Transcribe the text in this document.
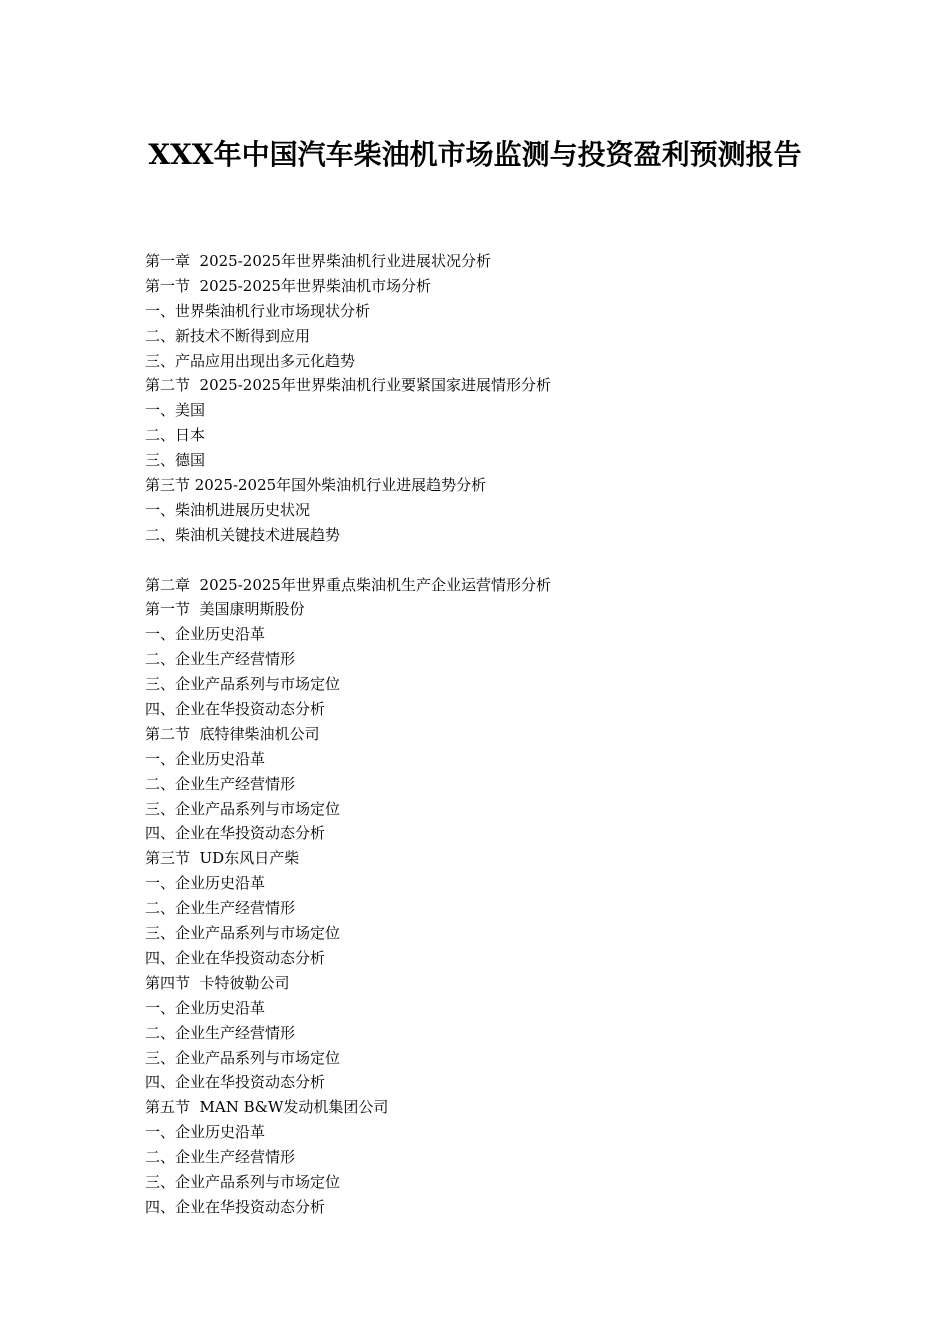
XXX年中国汽车柴油机市场监测与投资盈利预测报告
第一章  2025-2025年世界柴油机行业进展状况分析
第一节  2025-2025年世界柴油机市场分析
一、世界柴油机行业市场现状分析
二、新技术不断得到应用
三、产品应用出现出多元化趋势
第二节  2025-2025年世界柴油机行业要紧国家进展情形分析
一、美国
二、日本
三、德国
第三节 2025-2025年国外柴油机行业进展趋势分析
一、柴油机进展历史状况
二、柴油机关键技术进展趋势
第二章  2025-2025年世界重点柴油机生产企业运营情形分析
第一节  美国康明斯股份
一、企业历史沿革
二、企业生产经营情形
三、企业产品系列与市场定位
四、企业在华投资动态分析
第二节  底特律柴油机公司
一、企业历史沿革
二、企业生产经营情形
三、企业产品系列与市场定位
四、企业在华投资动态分析
第三节  UD东风日产柴
一、企业历史沿革
二、企业生产经营情形
三、企业产品系列与市场定位
四、企业在华投资动态分析
第四节  卡特彼勒公司
一、企业历史沿革
二、企业生产经营情形
三、企业产品系列与市场定位
四、企业在华投资动态分析
第五节  MAN B&W发动机集团公司
一、企业历史沿革
二、企业生产经营情形
三、企业产品系列与市场定位
四、企业在华投资动态分析
